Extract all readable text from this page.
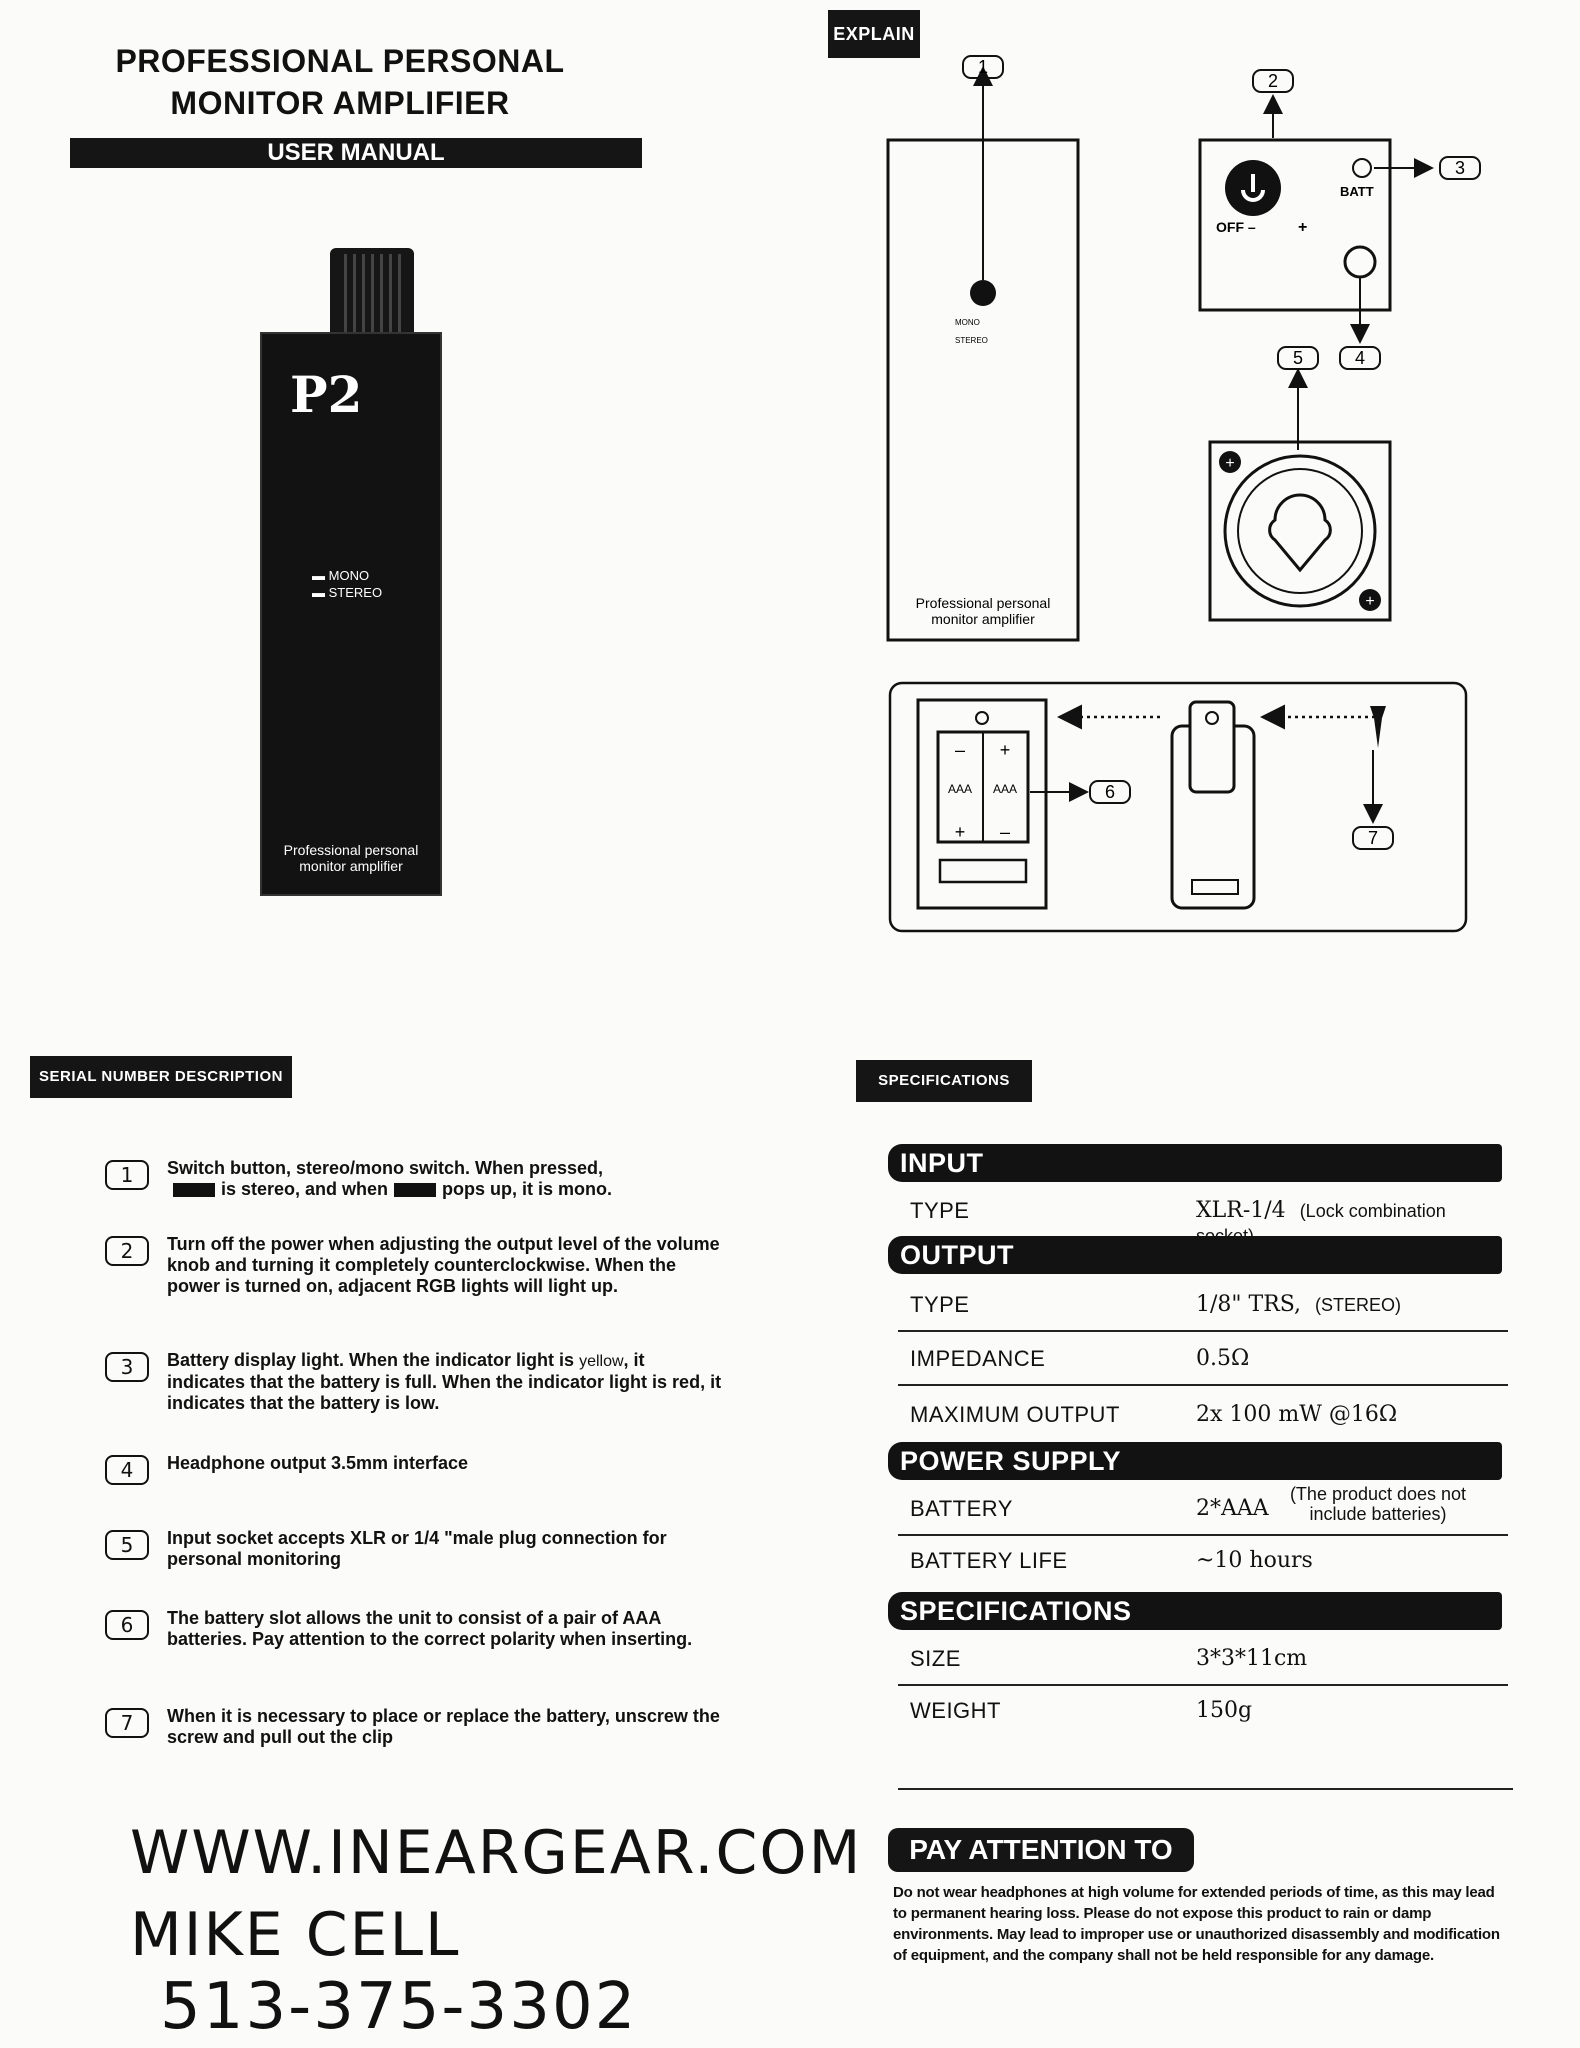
PROFESSIONAL PERSONAL
MONITOR AMPLIFIER
USER MANUAL
P2
▬ MONO
▬ STEREO
Professional personal
monitor amplifier
EXPLAIN
MONO
STEREO
Professional personal
monitor amplifier
1
2
OFF –	+
BATT
3
4
5
+
+
– +
+ –
AAA AAA	6
7
SERIAL NUMBER DESCRIPTION
1	Switch button, stereo/mono switch. When pressed,
is stereo, and when	pops up, it is mono.
2	Turn off the power when adjusting the output level of the volume knob and turning it completely counterclockwise. When the power is turned on, adjacent RGB lights will light up.
3	Battery display light. When the indicator light is yellow, it indicates that the battery is full. When the indicator light is red, it indicates that the battery is low.
4	Headphone output 3.5mm interface
5	Input socket accepts XLR or 1/4 "male plug connection for personal monitoring
6	The battery slot allows the unit to consist of a pair of AAA batteries. Pay attention to the correct polarity when inserting.
7	When it is necessary to place or replace the battery, unscrew the screw and pull out the clip
WWW.INEARGEAR.COM
MIKE CELL
513-375-3302
SPECIFICATIONS
INPUT
TYPE	XLR-1/4 (Lock combination
OUTPUT
TYPE	1/8" TRS, (STEREO)
IMPEDANCE	0.5Ω
MAXIMUM OUTPUT	2x 100 mW @16Ω
POWER SUPPLY
BATTERY	2*AAA
(The product does not include batteries)
BATTERY LIFE	~10 hours
SPECIFICATIONS
SIZE	3*3*11cm
WEIGHT	150g
PAY ATTENTION TO
Do not wear headphones at high volume for extended periods of time, as this may lead to permanent hearing loss. Please do not expose this product to rain or damp environments. May lead to improper use or unauthorized disassembly and modification of equipment, and the company shall not be held responsible for any damage.
